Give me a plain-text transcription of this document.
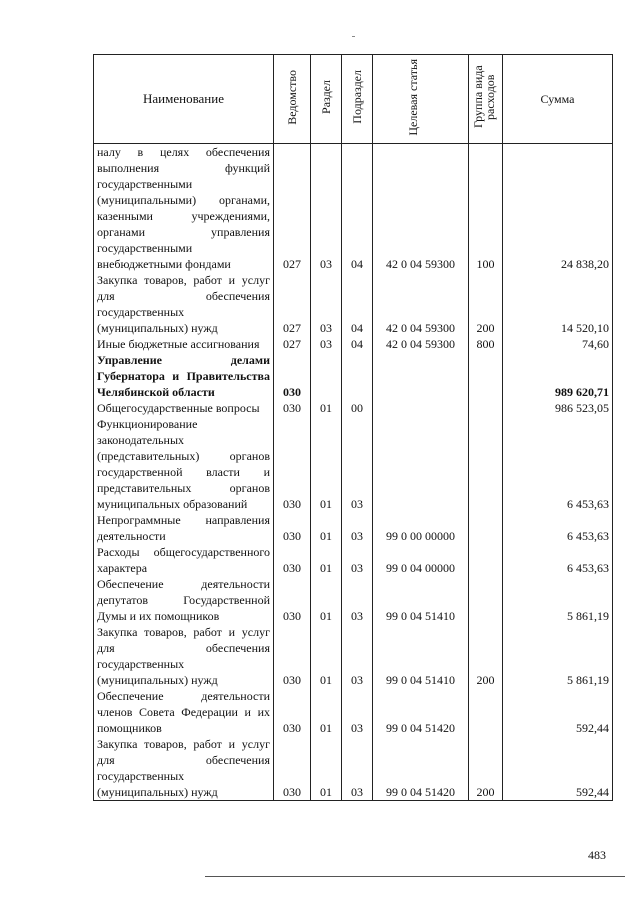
Наименование	Ведомство	Раздел	Подраздел	Целевая статья	Группа вида расходов	Сумма
налу в целях обеспечения выполнения функций государственными (муниципальными) органами, казенными учреждениями, органами управления государственными внебюджетными фондами	027	03	04	42 0 04 59300	100	24 838,20
Закупка товаров, работ и услуг для обеспечения государственных (муниципальных) нужд	027	03	04	42 0 04 59300	200	14 520,10
Иные бюджетные ассигнования	027	03	04	42 0 04 59300	800	74,60
Управление делами Губернатора и Правительства Челябинской области	030					989 620,71
Общегосударственные вопросы	030	01	00			986 523,05
Функционирование законодательных (представительных) органов государственной власти и представительных органов муниципальных образований	030	01	03			6 453,63
Непрограммные направления деятельности	030	01	03	99 0 00 00000		6 453,63
Расходы общегосударственного характера	030	01	03	99 0 04 00000		6 453,63
Обеспечение деятельности депутатов Государственной Думы и их помощников	030	01	03	99 0 04 51410		5 861,19
Закупка товаров, работ и услуг для обеспечения государственных (муниципальных) нужд	030	01	03	99 0 04 51410	200	5 861,19
Обеспечение деятельности членов Совета Федерации и их помощников	030	01	03	99 0 04 51420		592,44
Закупка товаров, работ и услуг для обеспечения государственных (муниципальных) нужд	030	01	03	99 0 04 51420	200	592,44
483
